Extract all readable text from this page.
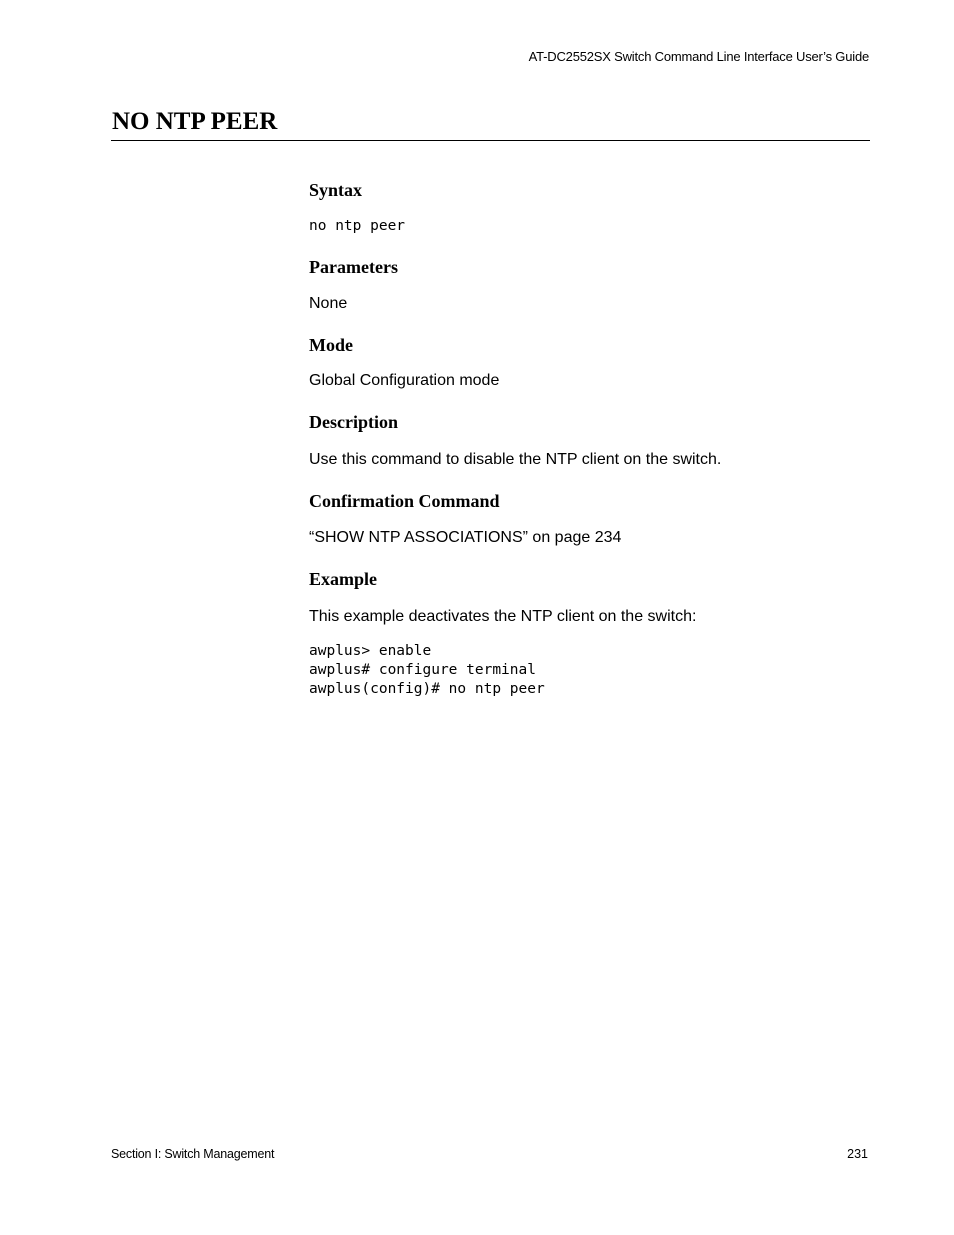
AT-DC2552SX Switch Command Line Interface User’s Guide
NO NTP PEER
Syntax

no ntp peer

Parameters

None

Mode

Global Configuration mode

Description

Use this command to disable the NTP client on the switch.

Confirmation Command

“SHOW NTP ASSOCIATIONS” on page 234

Example

This example deactivates the NTP client on the switch:

awplus> enable

awplus# configure terminal

awplus(config)# no ntp peer

Section I: Switch Management	231
